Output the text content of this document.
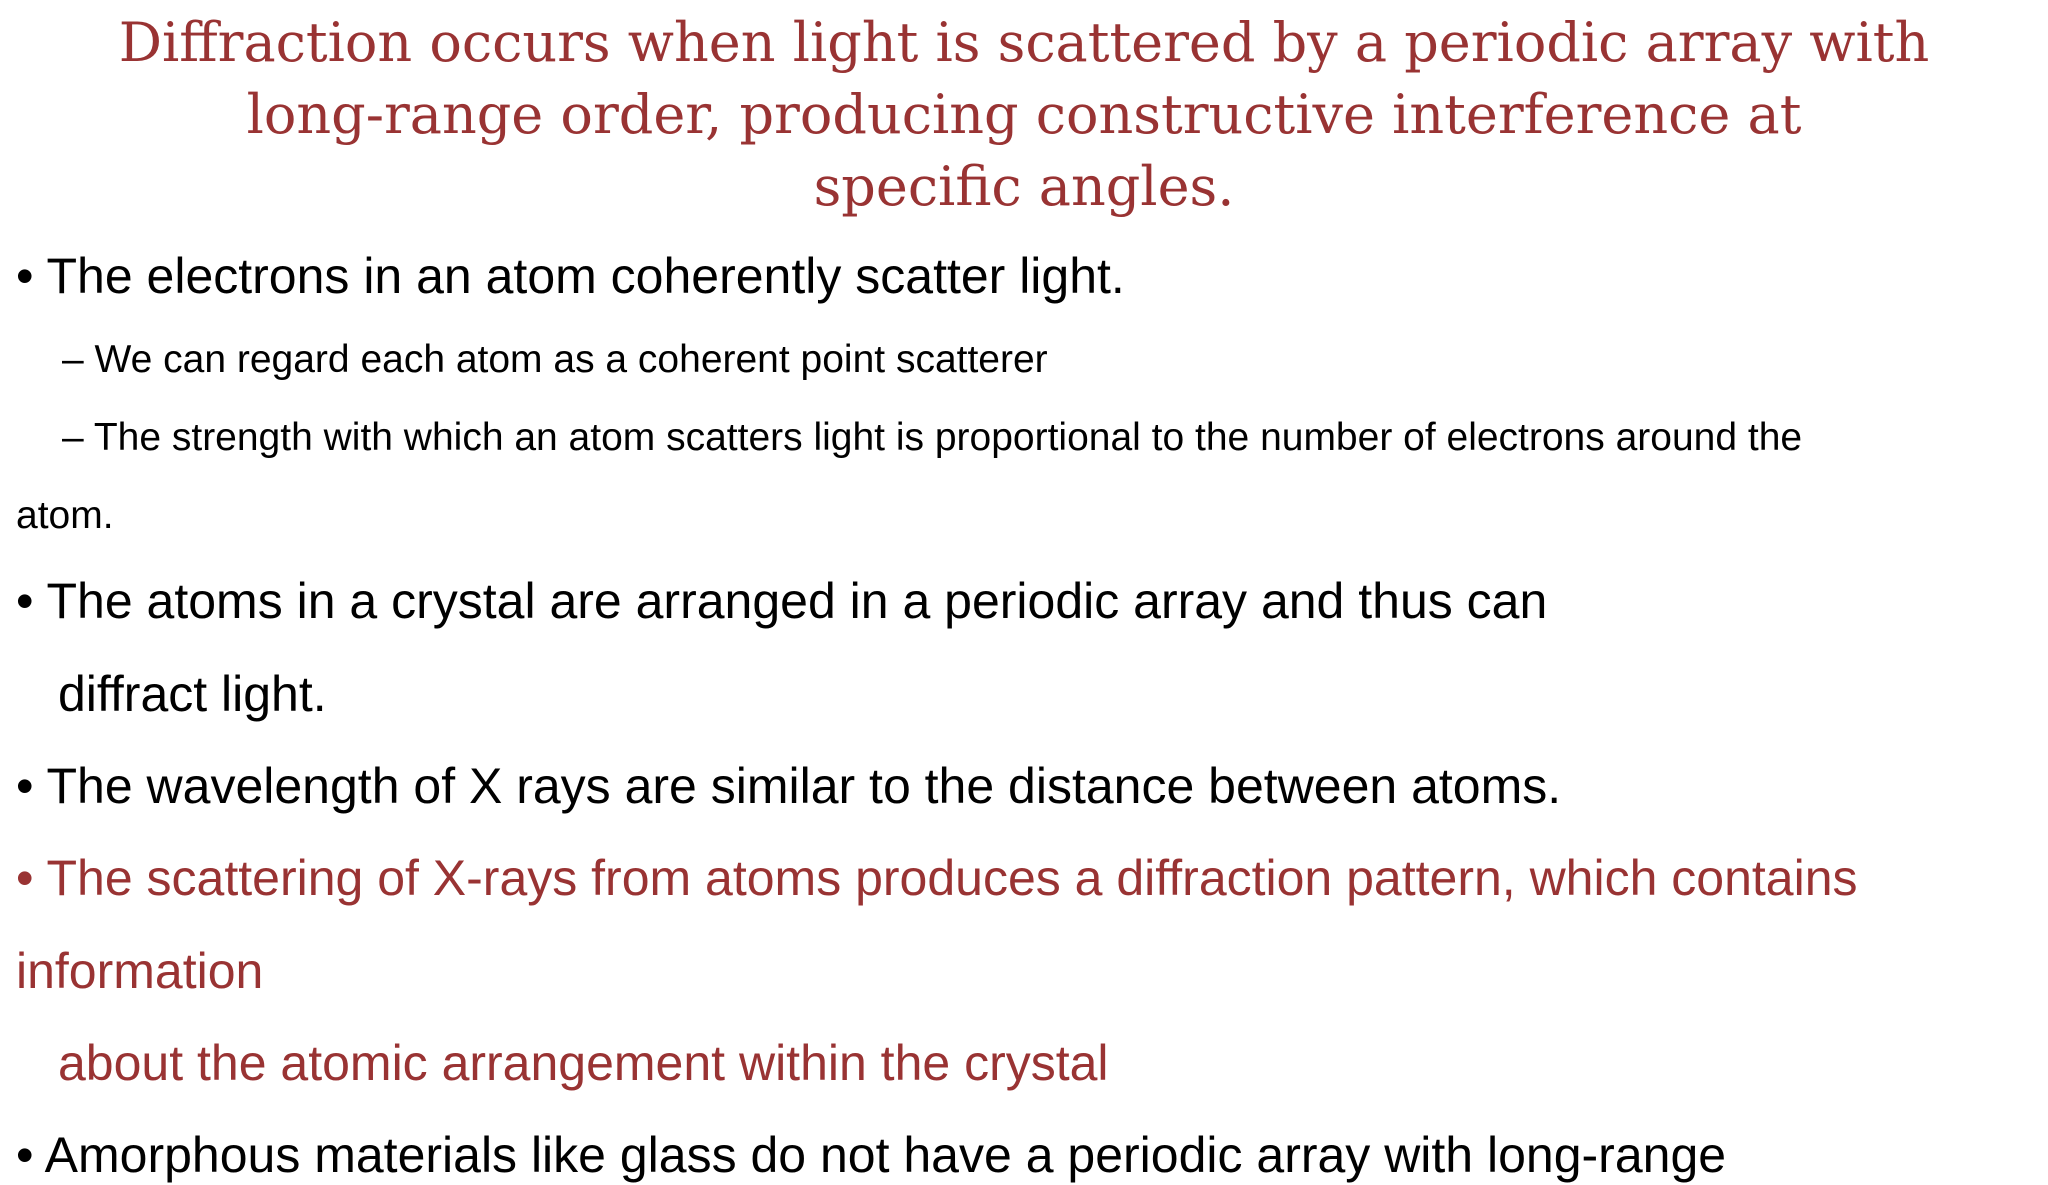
Diffraction occurs when light is scattered by a periodic array with
long-range order, producing constructive interference at
specific angles.
• The electrons in an atom coherently scatter light.
– We can regard each atom as a coherent point scatterer
– The strength with which an atom scatters light is proportional to the number of electrons around the
atom.
• The atoms in a crystal are arranged in a periodic array and thus can
diffract light.
• The wavelength of X rays are similar to the distance between atoms.
• The scattering of X-rays from atoms produces a diffraction pattern, which contains
information
about the atomic arrangement within the crystal
• Amorphous materials like glass do not have a periodic array with long-range
